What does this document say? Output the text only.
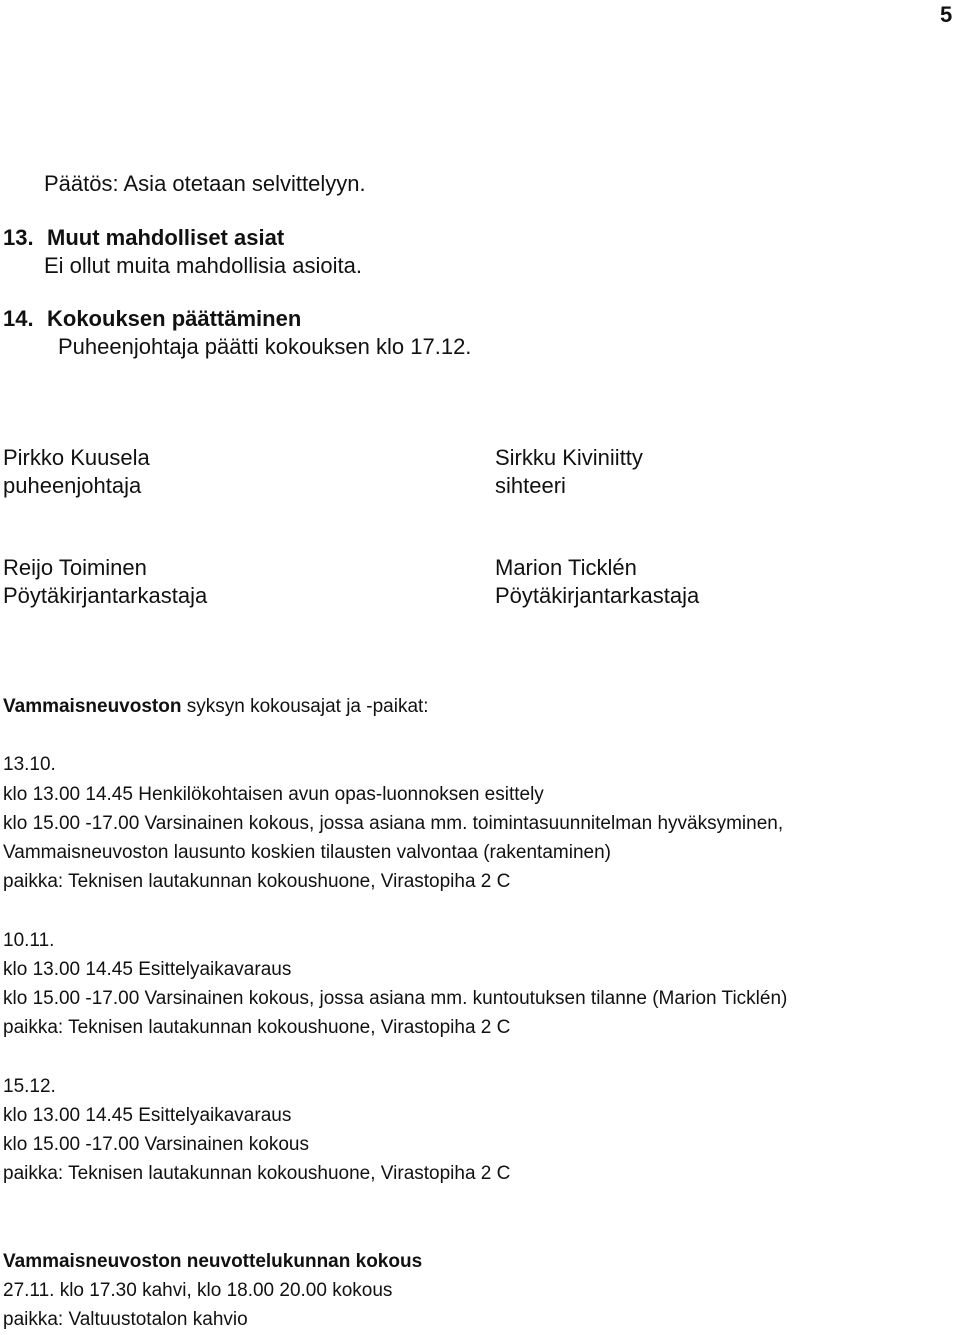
5
Päätös: Asia otetaan selvittelyyn.
13. Muut mahdolliset asiat
Ei ollut muita mahdollisia asioita.
14. Kokouksen päättäminen
Puheenjohtaja päätti kokouksen klo 17.12.
Pirkko Kuusela
puheenjohtaja
Sirkku Kiviniitty
sihteeri
Reijo Toiminen
Pöytäkirjantarkastaja
Marion Ticklén
Pöytäkirjantarkastaja
Vammaisneuvoston syksyn kokousajat ja -paikat:
13.10.
klo 13.00 14.45 Henkilökohtaisen avun opas-luonnoksen esittely
klo 15.00 -17.00 Varsinainen kokous, jossa asiana mm. toimintasuunnitelman hyväksyminen,
Vammaisneuvoston lausunto koskien tilausten valvontaa (rakentaminen)
paikka: Teknisen lautakunnan kokoushuone, Virastopiha 2 C
10.11.
klo 13.00 14.45 Esittelyaikavaraus
klo 15.00 -17.00 Varsinainen kokous, jossa asiana mm. kuntoutuksen tilanne (Marion Ticklén)
paikka: Teknisen lautakunnan kokoushuone, Virastopiha 2 C
15.12.
klo 13.00 14.45 Esittelyaikavaraus
klo 15.00 -17.00 Varsinainen kokous
paikka: Teknisen lautakunnan kokoushuone, Virastopiha 2 C
Vammaisneuvoston neuvottelukunnan kokous
27.11. klo 17.30 kahvi, klo 18.00 20.00 kokous
paikka: Valtuustotalon kahvio
